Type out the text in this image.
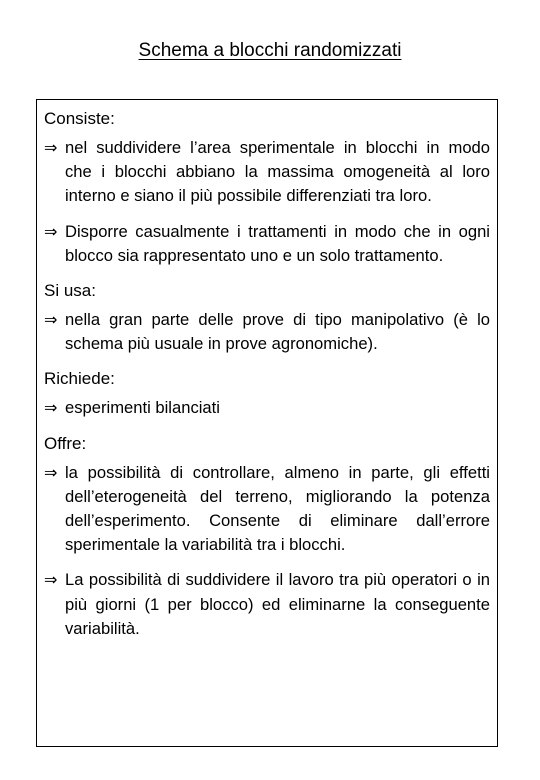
Schema a blocchi randomizzati
Consiste:
⇒ nel suddividere l’area sperimentale in blocchi in modo che i blocchi abbiano la massima omogeneità al loro interno e siano il più possibile differenziati tra loro.
⇒ Disporre casualmente i trattamenti in modo che in ogni blocco sia rappresentato uno e un solo trattamento.
Si usa:
⇒ nella gran parte delle prove di tipo manipolativo (è lo schema più usuale in prove agronomiche).
Richiede:
⇒ esperimenti bilanciati
Offre:
⇒ la possibilità di controllare, almeno in parte, gli effetti dell’eterogeneità del terreno, migliorando la potenza dell’esperimento. Consente di eliminare dall’errore sperimentale la variabilità tra i blocchi.
⇒ La possibilità di suddividere il lavoro tra più operatori o in più giorni (1 per blocco) ed eliminarne la conseguente variabilità.
